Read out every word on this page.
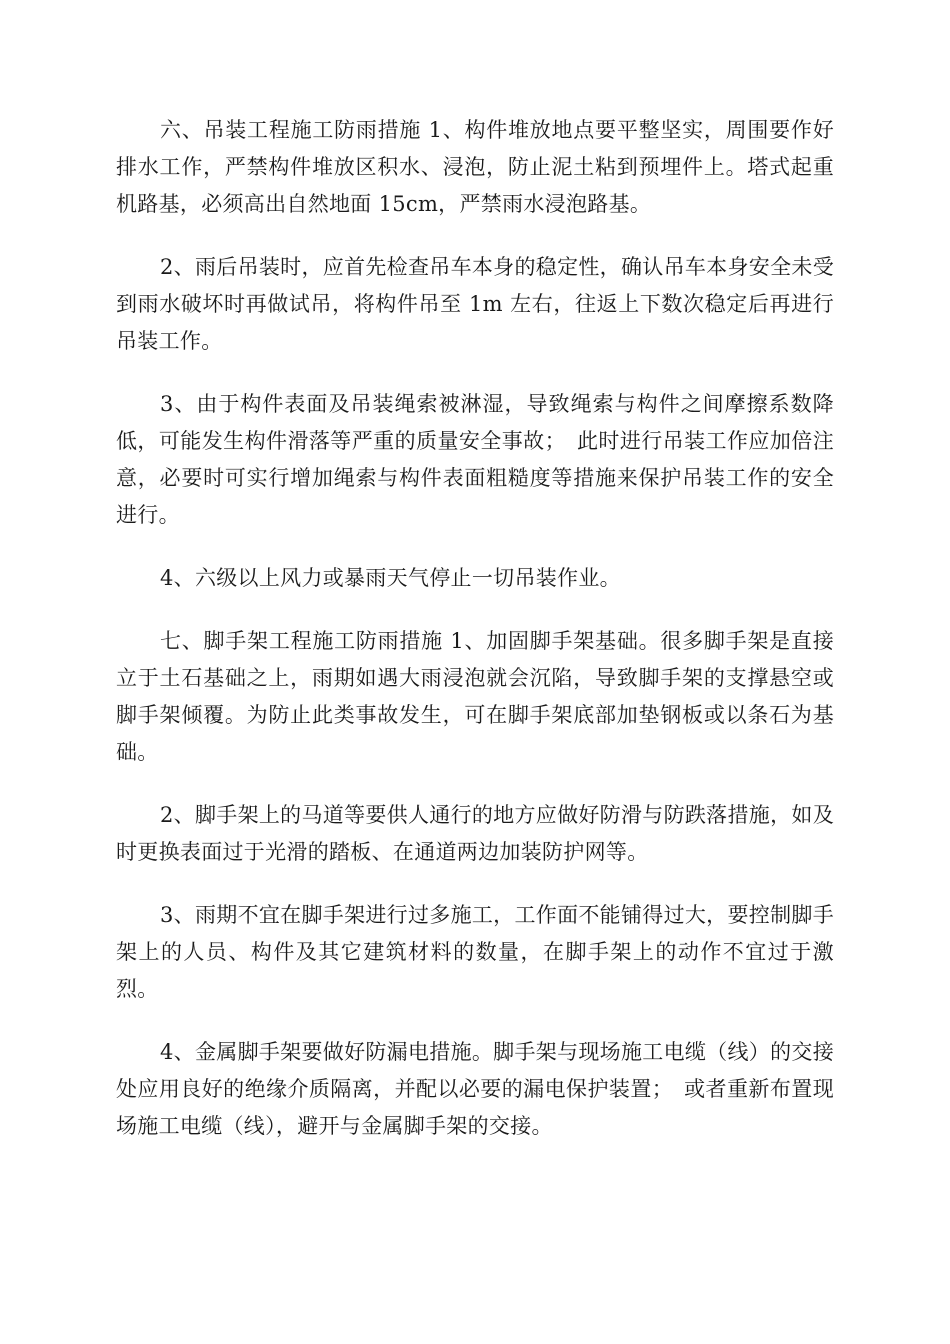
六、吊装工程施工防雨措施 1、构件堆放地点要平整坚实，周围要作好排水工作，严禁构件堆放区积水、浸泡，防止泥土粘到预埋件上。塔式起重机路基，必须高出自然地面 15cm，严禁雨水浸泡路基。

2、雨后吊装时，应首先检查吊车本身的稳定性，确认吊车本身安全未受到雨水破坏时再做试吊，将构件吊至 1m 左右，往返上下数次稳定后再进行吊装工作。

3、由于构件表面及吊装绳索被淋湿，导致绳索与构件之间摩擦系数降低，可能发生构件滑落等严重的质量安全事故；　此时进行吊装工作应加倍注意，必要时可实行增加绳索与构件表面粗糙度等措施来保护吊装工作的安全进行。

4、六级以上风力或暴雨天气停止一切吊装作业。

七、脚手架工程施工防雨措施 1、加固脚手架基础。很多脚手架是直接立于土石基础之上，雨期如遇大雨浸泡就会沉陷，导致脚手架的支撑悬空或脚手架倾覆。为防止此类事故发生，可在脚手架底部加垫钢板或以条石为基础。

2、脚手架上的马道等要供人通行的地方应做好防滑与防跌落措施，如及时更换表面过于光滑的踏板、在通道两边加装防护网等。

3、雨期不宜在脚手架进行过多施工，工作面不能铺得过大，要控制脚手架上的人员、构件及其它建筑材料的数量，在脚手架上的动作不宜过于激烈。

4、金属脚手架要做好防漏电措施。脚手架与现场施工电缆（线）的交接处应用良好的绝缘介质隔离，并配以必要的漏电保护装置；　或者重新布置现场施工电缆（线），避开与金属脚手架的交接。
